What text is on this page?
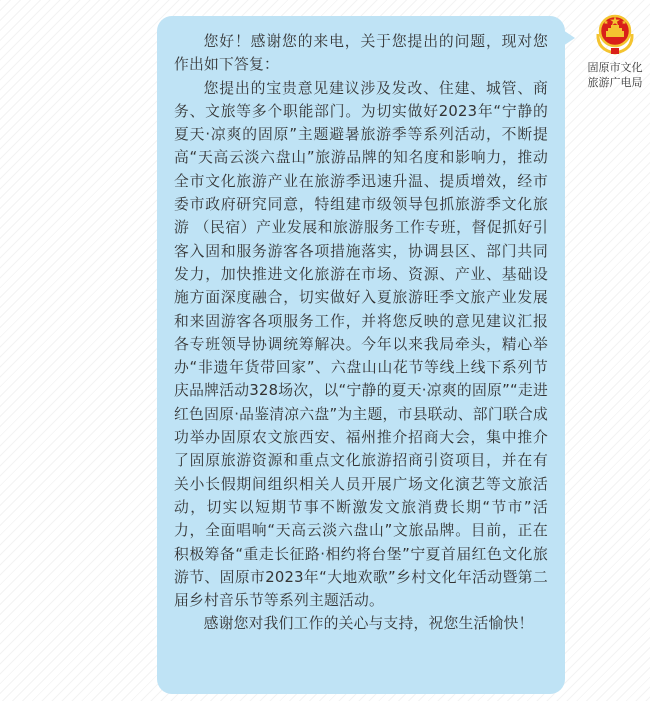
您好！感谢您的来电，关于您提出的问题，现对您作出如下答复：

您提出的宝贵意见建议涉及发改、住建、城管、商务、文旅等多个职能部门。为切实做好2023年“宁静的夏天·凉爽的固原”主题避暑旅游季等系列活动，不断提高“天高云淡六盘山”旅游品牌的知名度和影响力，推动全市文化旅游产业在旅游季迅速升温、提质增效，经市委市政府研究同意，特组建市级领导包抓旅游季文化旅游 （民宿）产业发展和旅游服务工作专班，督促抓好引客入固和服务游客各项措施落实，协调县区、部门共同发力，加快推进文化旅游在市场、资源、产业、基础设施方面深度融合，切实做好入夏旅游旺季文旅产业发展和来固游客各项服务工作，并将您反映的意见建议汇报各专班领导协调统筹解决。今年以来我局牵头，精心举办“非遗年货带回家”、六盘山山花节等线上线下系列节庆品牌活动328场次，以“宁静的夏天·凉爽的固原”“走进红色固原·品鉴清凉六盘”为主题，市县联动、部门联合成功举办固原农文旅西安、福州推介招商大会，集中推介了固原旅游资源和重点文化旅游招商引资项目，并在有关小长假期间组织相关人员开展广场文化演艺等文旅活动，切实以短期节事不断激发文旅消费长期“节市”活力，全面唱响“天高云淡六盘山”文旅品牌。目前，正在积极筹备“重走长征路·相约将台堡”宁夏首届红色文化旅游节、固原市2023年“大地欢歌”乡村文化年活动暨第二届乡村音乐节等系列主题活动。

感谢您对我们工作的关心与支持，祝您生活愉快！

固原市文化旅游广电局
